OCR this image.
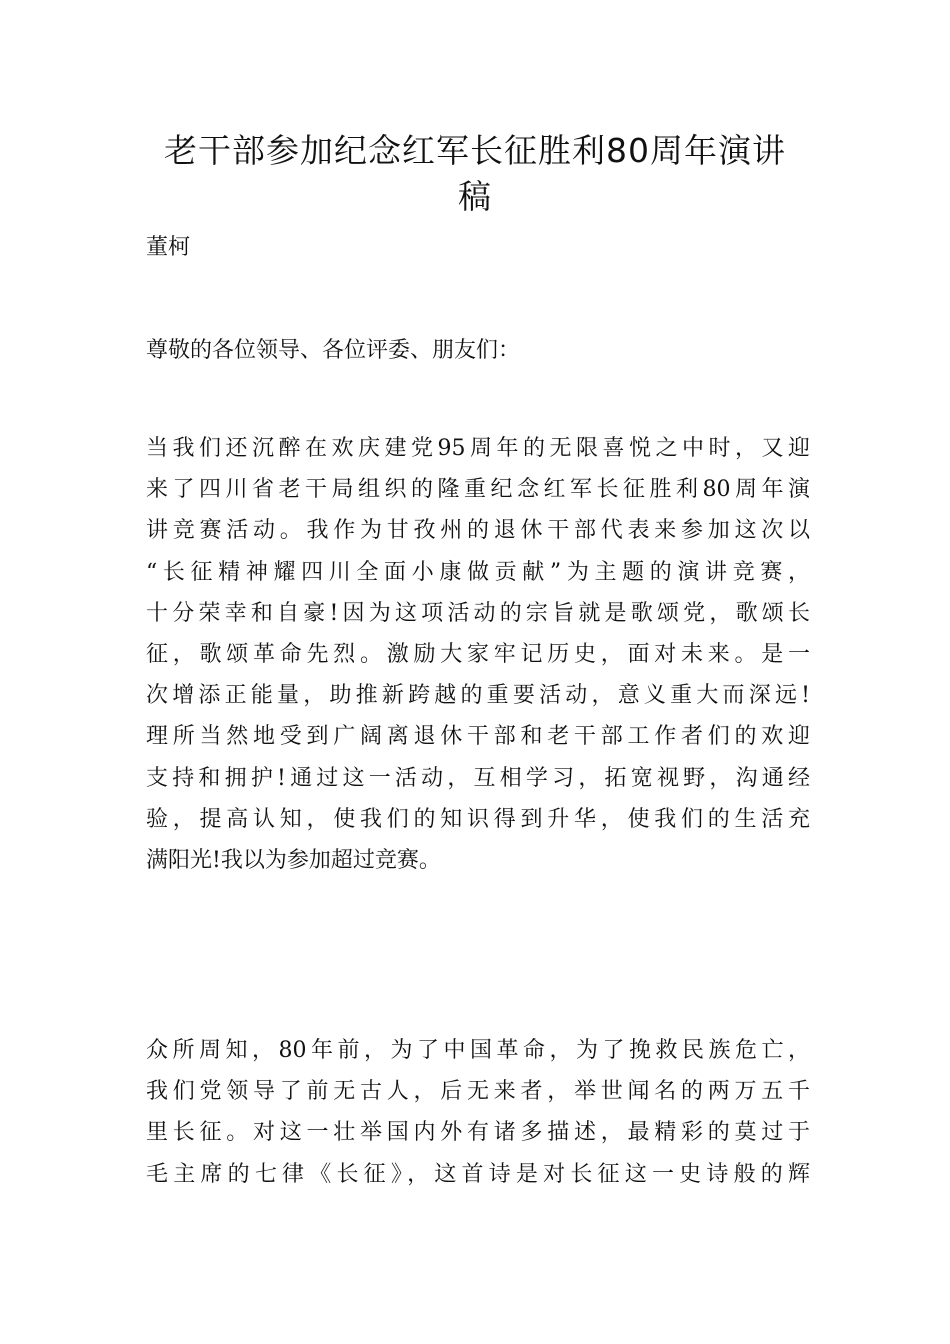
老干部参加纪念红军长征胜利80周年演讲
稿

董柯

尊敬的各位领导、各位评委、朋友们：

当我们还沉醉在欢庆建党95周年的无限喜悦之中时，又迎
来了四川省老干局组织的隆重纪念红军长征胜利80周年演
讲竞赛活动。我作为甘孜州的退休干部代表来参加这次以
“长征精神耀四川全面小康做贡献”为主题的演讲竞赛，
十分荣幸和自豪!因为这项活动的宗旨就是歌颂党，歌颂长
征，歌颂革命先烈。激励大家牢记历史，面对未来。是一
次增添正能量，助推新跨越的重要活动，意义重大而深远!
理所当然地受到广阔离退休干部和老干部工作者们的欢迎
支持和拥护!通过这一活动，互相学习，拓宽视野，沟通经
验，提高认知，使我们的知识得到升华，使我们的生活充
满阳光!我以为参加超过竞赛。

众所周知，80年前，为了中国革命，为了挽救民族危亡，
我们党领导了前无古人，后无来者，举世闻名的两万五千
里长征。对这一壮举国内外有诸多描述，最精彩的莫过于
毛主席的七律《长征》，这首诗是对长征这一史诗般的辉
